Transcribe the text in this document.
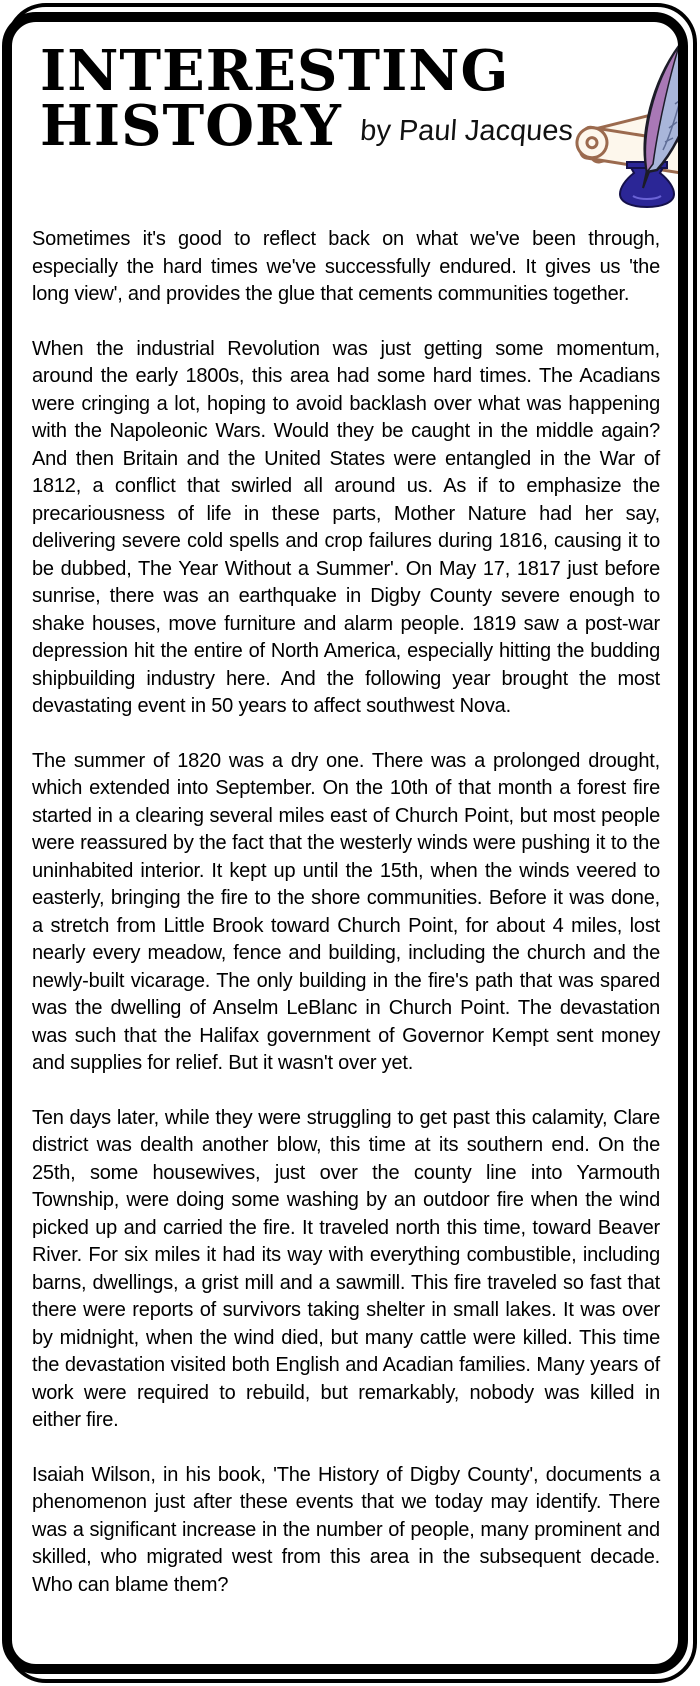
INTERESTING
HISTORY by Paul Jacques

Sometimes it's good to reflect back on what we've been through, especially the hard times we've successfully endured. It gives us 'the long view', and provides the glue that cements communities together.

When the industrial Revolution was just getting some momentum, around the early 1800s, this area had some hard times. The Acadians were cringing a lot, hoping to avoid backlash over what was happening with the Napoleonic Wars. Would they be caught in the middle again? And then Britain and the United States were entangled in the War of 1812, a conflict that swirled all around us. As if to emphasize the precariousness of life in these parts, Mother Nature had her say, delivering severe cold spells and crop failures during 1816, causing it to be dubbed, The Year Without a Summer'. On May 17, 1817 just before sunrise, there was an earthquake in Digby County severe enough to shake houses, move furniture and alarm people. 1819 saw a post-war depression hit the entire of North America, especially hitting the budding shipbuilding industry here. And the following year brought the most devastating event in 50 years to affect southwest Nova.

The summer of 1820 was a dry one. There was a prolonged drought, which extended into September. On the 10th of that month a forest fire started in a clearing several miles east of Church Point, but most people were reassured by the fact that the westerly winds were pushing it to the uninhabited interior. It kept up until the 15th, when the winds veered to easterly, bringing the fire to the shore communities. Before it was done, a stretch from Little Brook toward Church Point, for about 4 miles, lost nearly every meadow, fence and building, including the church and the newly-built vicarage. The only building in the fire's path that was spared was the dwelling of Anselm LeBlanc in Church Point. The devastation was such that the Halifax government of Governor Kempt sent money and supplies for relief. But it wasn't over yet.

Ten days later, while they were struggling to get past this calamity, Clare district was dealth another blow, this time at its southern end. On the 25th, some housewives, just over the county line into Yarmouth Township, were doing some washing by an outdoor fire when the wind picked up and carried the fire. It traveled north this time, toward Beaver River. For six miles it had its way with everything combustible, including barns, dwellings, a grist mill and a sawmill. This fire traveled so fast that there were reports of survivors taking shelter in small lakes. It was over by midnight, when the wind died, but many cattle were killed. This time the devastation visited both English and Acadian families. Many years of work were required to rebuild, but remarkably, nobody was killed in either fire.

Isaiah Wilson, in his book, 'The History of Digby County', documents a phenomenon just after these events that we today may identify. There was a significant increase in the number of people, many prominent and skilled, who migrated west from this area in the subsequent decade. Who can blame them?
